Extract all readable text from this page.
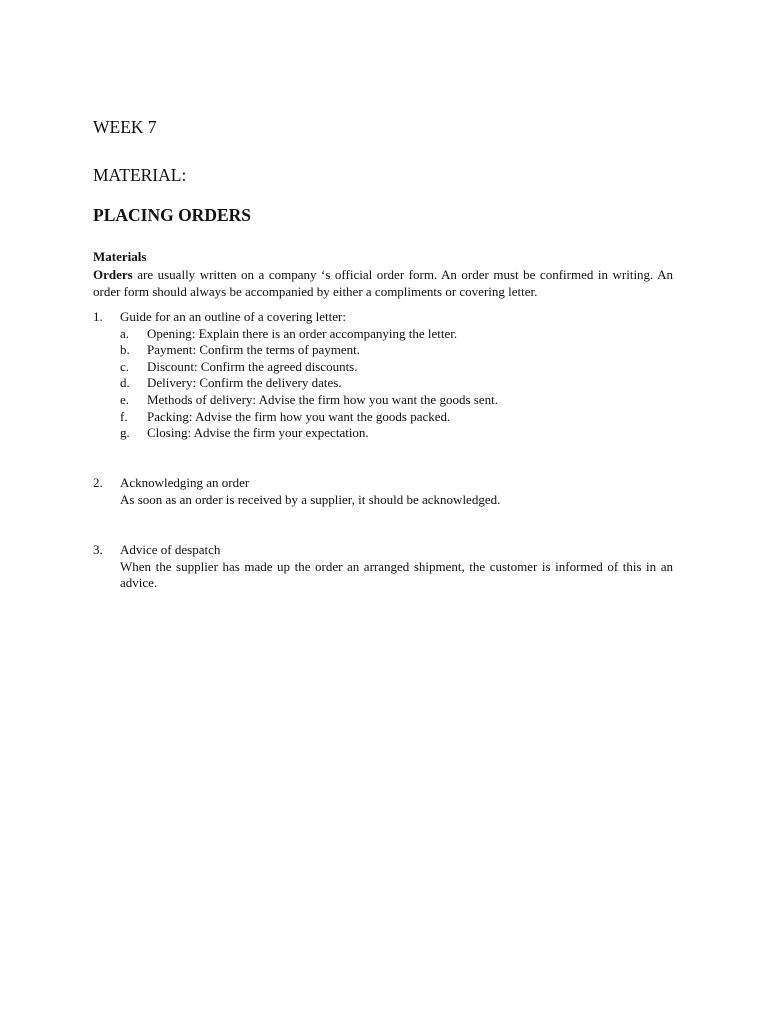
WEEK 7
MATERIAL:
PLACING ORDERS
Materials

Orders are usually written on a company ‘s official order form. An order must be confirmed in writing. An order form should always be accompanied by either a compliments or covering letter.

1. Guide for an an outline of a covering letter:

a. Opening: Explain there is an order accompanying the letter.
b. Payment: Confirm the terms of payment.
c. Discount: Confirm the agreed discounts.
d. Delivery: Confirm the delivery dates.
e. Methods of delivery: Advise the firm how you want the goods sent.
f. Packing: Advise the firm how you want the goods packed.
g. Closing: Advise the firm your expectation.
2. Acknowledging an order

As soon as an order is received by a supplier, it should be acknowledged.

3. Advice of despatch

When the supplier has made up the order an arranged shipment, the customer is informed of this in an advice.
